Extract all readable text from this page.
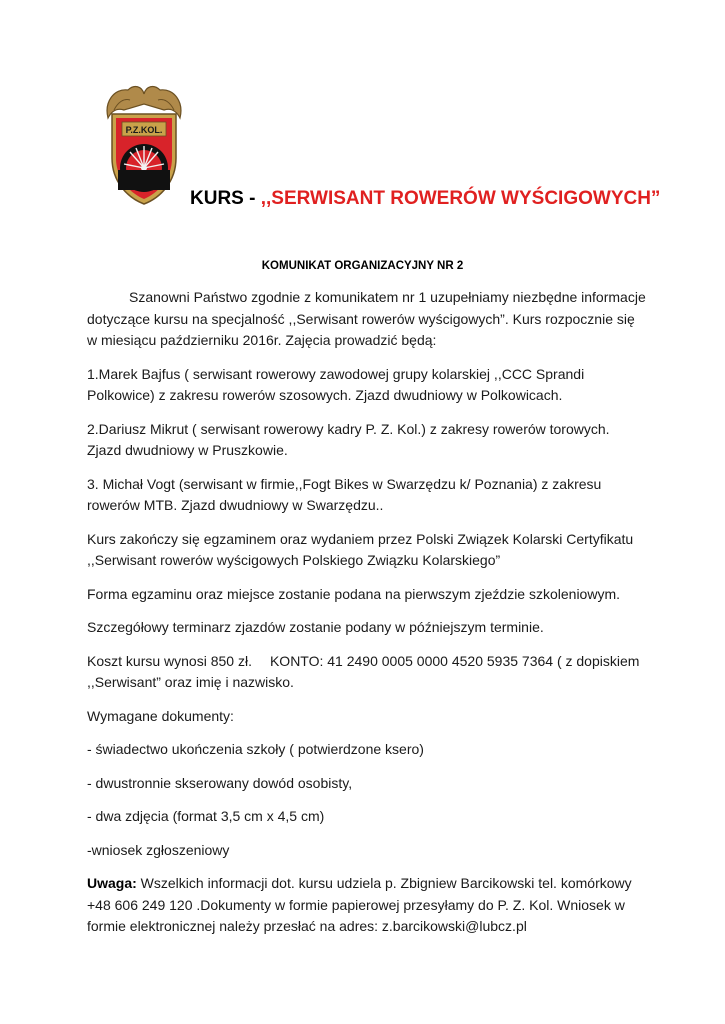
P.Z.KOL.
KURS - ,,SERWISANT ROWERÓW WYŚCIGOWYCH”
KOMUNIKAT ORGANIZACYJNY NR 2

Szanowni Państwo zgodnie z komunikatem nr 1 uzupełniamy niezbędne informacje dotyczące kursu na specjalność ,,Serwisant rowerów wyścigowych”. Kurs rozpocznie się w miesiącu październiku 2016r. Zajęcia prowadzić będą:

1.Marek Bajfus ( serwisant rowerowy zawodowej grupy kolarskiej ,,CCC Sprandi Polkowice) z zakresu rowerów szosowych. Zjazd dwudniowy w Polkowicach.

2.Dariusz Mikrut ( serwisant rowerowy kadry P. Z. Kol.) z zakresy rowerów torowych. Zjazd dwudniowy w Pruszkowie.

3. Michał Vogt (serwisant w firmie,,Fogt Bikes w Swarzędzu k/ Poznania) z zakresu rowerów MTB. Zjazd dwudniowy w Swarzędzu..

Kurs zakończy się egzaminem oraz wydaniem przez Polski Związek Kolarski Certyfikatu ,,Serwisant rowerów wyścigowych Polskiego Związku Kolarskiego”

Forma egzaminu oraz miejsce zostanie podana na pierwszym zjeździe szkoleniowym.

Szczegółowy terminarz zjazdów zostanie podany w późniejszym terminie.

Koszt kursu wynosi 850 zł. KONTO: 41 2490 0005 0000 4520 5935 7364 ( z dopiskiem ,,Serwisant” oraz imię i nazwisko.

Wymagane dokumenty:

- świadectwo ukończenia szkoły ( potwierdzone ksero)

- dwustronnie skserowany dowód osobisty,

- dwa zdjęcia (format 3,5 cm x 4,5 cm)

-wniosek zgłoszeniowy

Uwaga: Wszelkich informacji dot. kursu udziela p. Zbigniew Barcikowski tel. komórkowy +48 606 249 120 .Dokumenty w formie papierowej przesyłamy do P. Z. Kol. Wniosek w formie elektronicznej należy przesłać na adres: z.barcikowski@lubcz.pl
